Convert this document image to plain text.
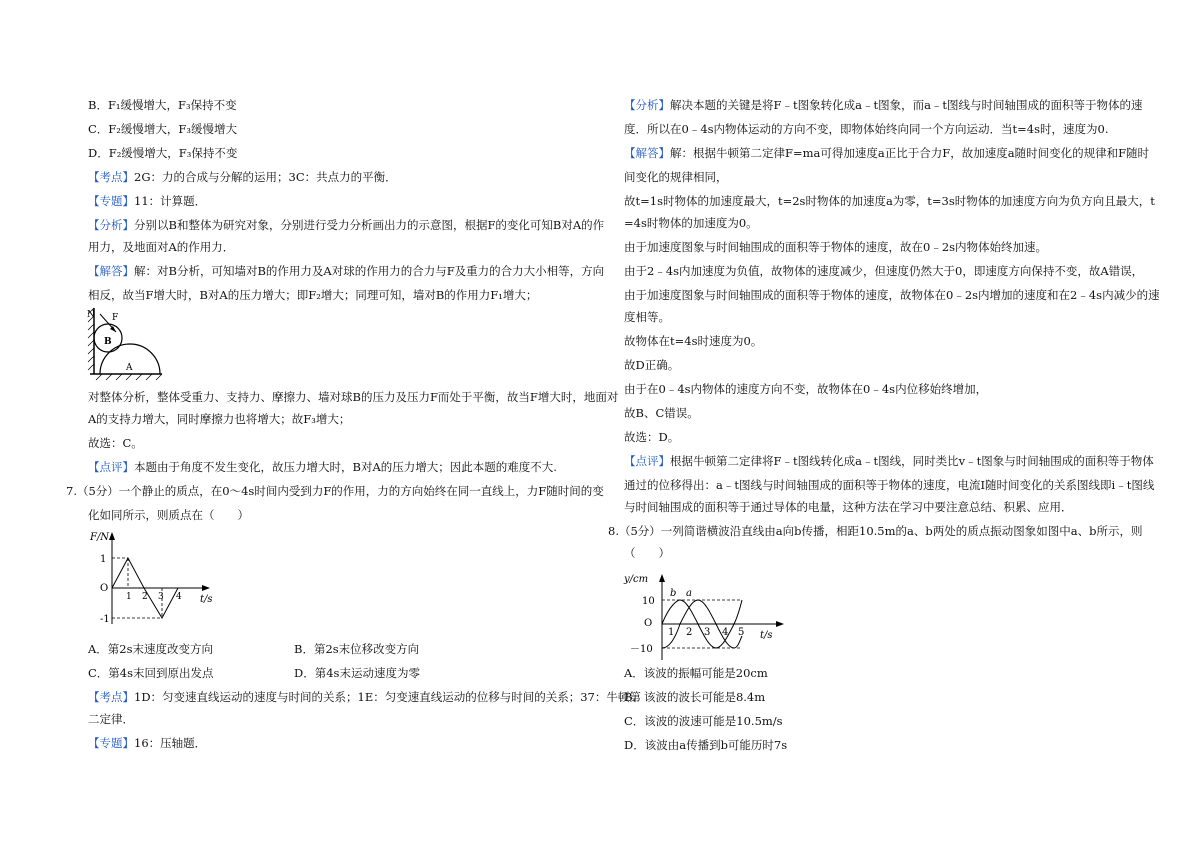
B．F₁缓慢增大，F₃保持不变
C．F₂缓慢增大，F₃缓慢增大
D．F₂缓慢增大，F₃保持不变
【考点】2G：力的合成与分解的运用；3C：共点力的平衡．
【专题】11：计算题．
【分析】分别以B和整体为研究对象，分别进行受力分析画出力的示意图，根据F的变化可知B对A的作
用力，及地面对A的作用力．
【解答】解：对B分析，可知墙对B的作用力及A对球的作用力的合力与F及重力的合力大小相等，方向
相反，故当F增大时，B对A的压力增大；即F₂增大；同理可知，墙对B的作用力F₁增大；
N F
B
A
对整体分析，整体受重力、支持力、摩擦力、墙对球B的压力及压力F而处于平衡，故当F增大时，地面对
A的支持力增大，同时摩擦力也将增大；故F₃增大；
故选：C。
【点评】本题由于角度不发生变化，故压力增大时，B对A的压力增大；因此本题的难度不大.
7.（5分）一个静止的质点，在0～4s时间内受到力F的作用，力的方向始终在同一直线上，力F随时间的变
化如同所示，则质点在（　　）
F/N
t/s
1
O
-1
1 2 3 4
A．第2s末速度改变方向	B．第2s末位移改变方向
C．第4s末回到原出发点	D．第4s末运动速度为零
【考点】1D：匀变速直线运动的速度与时间的关系；1E：匀变速直线运动的位移与时间的关系；37：牛顿第
二定律．
【专题】16：压轴题．
【分析】解决本题的关键是将F﹣t图象转化成a﹣t图象，而a﹣t图线与时间轴围成的面积等于物体的速
度．所以在0﹣4s内物体运动的方向不变，即物体始终向同一个方向运动．当t=4s时，速度为0.
【解答】解：根据牛顿第二定律F=ma可得加速度a正比于合力F，故加速度a随时间变化的规律和F随时
间变化的规律相同，
故t=1s时物体的加速度最大，t=2s时物体的加速度a为零，t=3s时物体的加速度方向为负方向且最大，t
=4s时物体的加速度为0。
由于加速度图象与时间轴围成的面积等于物体的速度，故在0﹣2s内物体始终加速。
由于2﹣4s内加速度为负值，故物体的速度减少，但速度仍然大于0，即速度方向保持不变，故A错误，
由于加速度图象与时间轴围成的面积等于物体的速度，故物体在0﹣2s内增加的速度和在2﹣4s内减少的速
度相等。
故物体在t=4s时速度为0。
故D正确。
由于在0﹣4s内物体的速度方向不变，故物体在0﹣4s内位移始终增加，
故B、C错误。
故选：D。
【点评】根据牛顿第二定律将F﹣t图线转化成a﹣t图线，同时类比v﹣t图象与时间轴围成的面积等于物体
通过的位移得出：a﹣t图线与时间轴围成的面积等于物体的速度，电流I随时间变化的关系图线即i﹣t图线
与时间轴围成的面积等于通过导体的电量，这种方法在学习中要注意总结、积累、应用．
8.（5分）一列简谐横波沿直线由a向b传播，相距10.5m的a、b两处的质点振动图象如图中a、b所示，则
（　　）
y/cm
t/s
10
O
－10
1 2 3 4 5
b a
A．该波的振幅可能是20cm
B．该波的波长可能是8.4m
C．该波的波速可能是10.5m/s
D．该波由a传播到b可能历时7s
